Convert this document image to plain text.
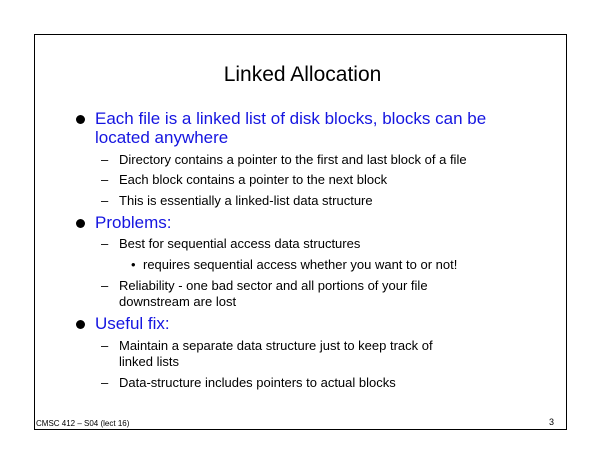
Linked Allocation
Each file is a linked list of disk blocks, blocks can be
located anywhere
– Directory contains a pointer to the first and last block of a file
– Each block contains a pointer to the next block
– This is essentially a linked-list data structure
Problems:
– Best for sequential access data structures
• requires sequential access whether you want to or not!
– Reliability - one bad sector and all portions of your file
downstream are lost
Useful fix:
– Maintain a separate data structure just to keep track of
linked lists
– Data-structure includes pointers to actual blocks
CMSC 412 – S04 (lect 16)	3
